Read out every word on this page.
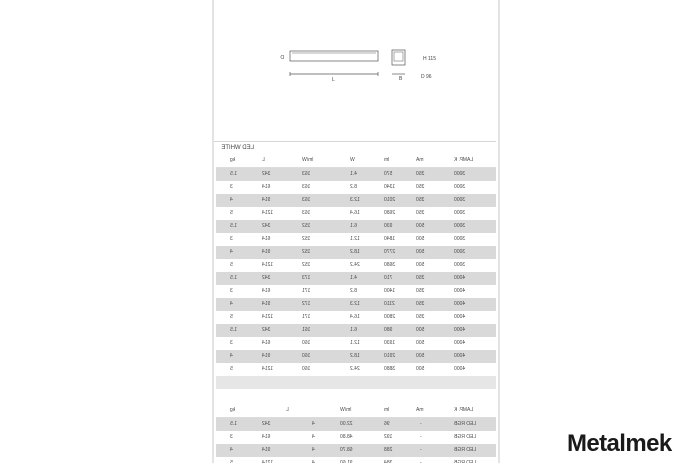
D
L	B
H 115
D 96
LED WHITE
LAMP. K
mA
lm
W
lm/W
L
kg
3000
350
570
4.1
163
342
1.5
3000
350
1340
8.2
163
614
3
3000
350
2010
12.3
163
914
4
3000
350
2680
16.4
163
1214
5
3000
500
930
6.1
152
342
1.5
3000
500
1840
12.1
152
614
3
3000
500
2770
18.2
152
914
4
3000
500
3680
24.2
152
1214
5
4000
350
710
4.1
173
342
1.5
4000
350
1400
8.2
171
614
3
4000
350
2110
12.3
172
914
4
4000
350
2800
16.4
171
1214
5
4000
500
980
6.1
161
342
1.5
4000
500
1930
12.1
160
614
3
4000
500
2910
18.2
160
914
4
4000
500
3880
24.2
160
1214
5
LAMP. K
mA
lm
lm/W
L
kg
LED RGB
-
96
22.00
4
342
1.5
LED RGB
-
192
48.80
4
614
3
LED RGB
-
288
68.70
4
914
4
LED RGB
-
384
91.60
4
1214
5
Metalmek
